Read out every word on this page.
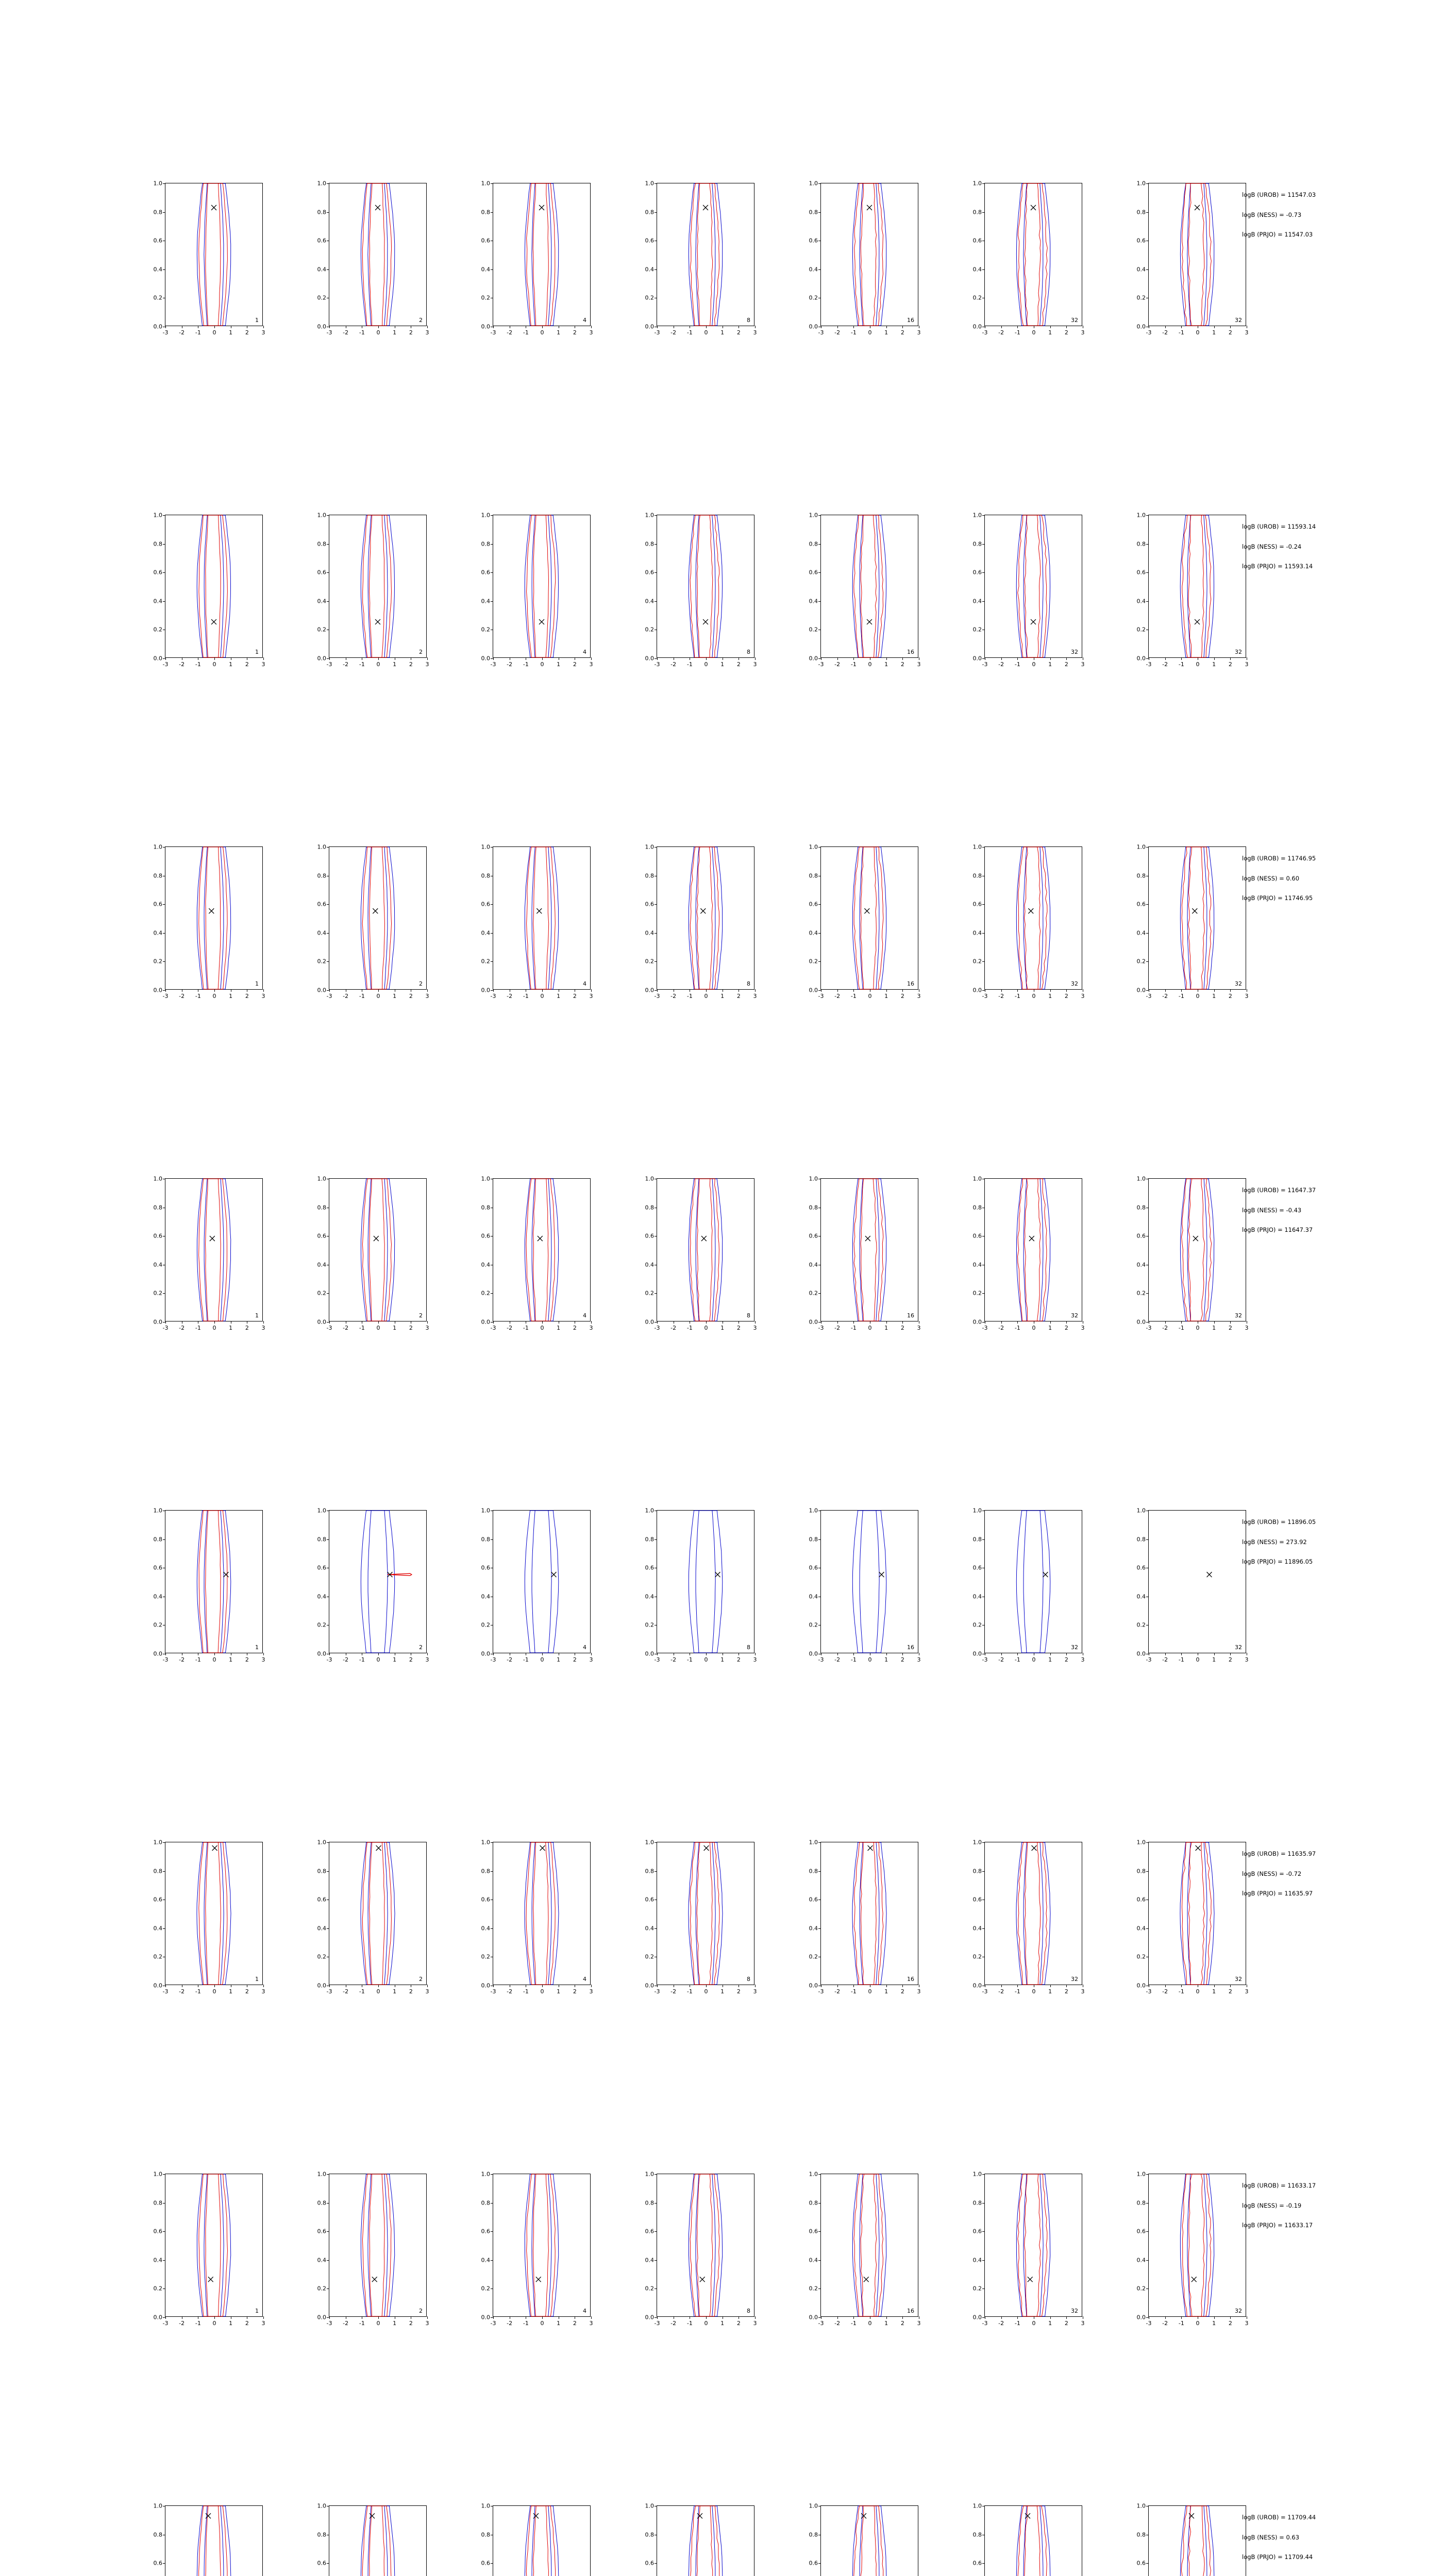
0.0
0.2
0.4
0.6
0.8
1.0
-3 -2 -1 0 1 2 3
1
0.0
0.2
0.4
0.6
0.8
1.0
-3 -2 -1 0 1 2 3
2
0.0
0.2
0.4
0.6
0.8
1.0
-3 -2 -1 0 1 2 3
4
0.0
0.2
0.4
0.6
0.8
1.0
-3 -2 -1 0 1 2 3
8
0.0
0.2
0.4
0.6
0.8
1.0
-3 -2 -1 0 1 2 3
16
0.0
0.2
0.4
0.6
0.8
1.0
-3 -2 -1 0 1 2 3
32
0.0
0.2
0.4
0.6
0.8
1.0
-3 -2 -1 0 1 2 3
32
logB (UROB) = 11547.03
logB (NESS) = -0.73
logB (PRJO) = 11547.03
0.0
0.2
0.4
0.6
0.8
1.0
-3 -2 -1 0 1 2 3
1
0.0
0.2
0.4
0.6
0.8
1.0
-3 -2 -1 0 1 2 3
2
0.0
0.2
0.4
0.6
0.8
1.0
-3 -2 -1 0 1 2 3
4
0.0
0.2
0.4
0.6
0.8
1.0
-3 -2 -1 0 1 2 3
8
0.0
0.2
0.4
0.6
0.8
1.0
-3 -2 -1 0 1 2 3
16
0.0
0.2
0.4
0.6
0.8
1.0
-3 -2 -1 0 1 2 3
32
0.0
0.2
0.4
0.6
0.8
1.0
-3 -2 -1 0 1 2 3
32
logB (UROB) = 11593.14
logB (NESS) = -0.24
logB (PRJO) = 11593.14
0.0
0.2
0.4
0.6
0.8
1.0
-3 -2 -1 0 1 2 3
1
0.0
0.2
0.4
0.6
0.8
1.0
-3 -2 -1 0 1 2 3
2
0.0
0.2
0.4
0.6
0.8
1.0
-3 -2 -1 0 1 2 3
4
0.0
0.2
0.4
0.6
0.8
1.0
-3 -2 -1 0 1 2 3
8
0.0
0.2
0.4
0.6
0.8
1.0
-3 -2 -1 0 1 2 3
16
0.0
0.2
0.4
0.6
0.8
1.0
-3 -2 -1 0 1 2 3
32
0.0
0.2
0.4
0.6
0.8
1.0
-3 -2 -1 0 1 2 3
32
logB (UROB) = 11746.95
logB (NESS) = 0.60
logB (PRJO) = 11746.95
0.0
0.2
0.4
0.6
0.8
1.0
-3 -2 -1 0 1 2 3
1
0.0
0.2
0.4
0.6
0.8
1.0
-3 -2 -1 0 1 2 3
2
0.0
0.2
0.4
0.6
0.8
1.0
-3 -2 -1 0 1 2 3
4
0.0
0.2
0.4
0.6
0.8
1.0
-3 -2 -1 0 1 2 3
8
0.0
0.2
0.4
0.6
0.8
1.0
-3 -2 -1 0 1 2 3
16
0.0
0.2
0.4
0.6
0.8
1.0
-3 -2 -1 0 1 2 3
32
0.0
0.2
0.4
0.6
0.8
1.0
-3 -2 -1 0 1 2 3
32
logB (UROB) = 11647.37
logB (NESS) = -0.43
logB (PRJO) = 11647.37
0.0
0.2
0.4
0.6
0.8
1.0
-3 -2 -1 0 1 2 3
1
0.0
0.2
0.4
0.6
0.8
1.0
-3 -2 -1 0 1 2 3
2
0.0
0.2
0.4
0.6
0.8
1.0
-3 -2 -1 0 1 2 3
4
0.0
0.2
0.4
0.6
0.8
1.0
-3 -2 -1 0 1 2 3
8
0.0
0.2
0.4
0.6
0.8
1.0
-3 -2 -1 0 1 2 3
16
0.0
0.2
0.4
0.6
0.8
1.0
-3 -2 -1 0 1 2 3
32
0.0
0.2
0.4
0.6
0.8
1.0
-3 -2 -1 0 1 2 3
32
logB (UROB) = 11896.05
logB (NESS) = 273.92
logB (PRJO) = 11896.05
0.0
0.2
0.4
0.6
0.8
1.0
-3 -2 -1 0 1 2 3
1
0.0
0.2
0.4
0.6
0.8
1.0
-3 -2 -1 0 1 2 3
2
0.0
0.2
0.4
0.6
0.8
1.0
-3 -2 -1 0 1 2 3
4
0.0
0.2
0.4
0.6
0.8
1.0
-3 -2 -1 0 1 2 3
8
0.0
0.2
0.4
0.6
0.8
1.0
-3 -2 -1 0 1 2 3
16
0.0
0.2
0.4
0.6
0.8
1.0
-3 -2 -1 0 1 2 3
32
0.0
0.2
0.4
0.6
0.8
1.0
-3 -2 -1 0 1 2 3
32
logB (UROB) = 11635.97
logB (NESS) = -0.72
logB (PRJO) = 11635.97
0.0
0.2
0.4
0.6
0.8
1.0
-3 -2 -1 0 1 2 3
1
0.0
0.2
0.4
0.6
0.8
1.0
-3 -2 -1 0 1 2 3
2
0.0
0.2
0.4
0.6
0.8
1.0
-3 -2 -1 0 1 2 3
4
0.0
0.2
0.4
0.6
0.8
1.0
-3 -2 -1 0 1 2 3
8
0.0
0.2
0.4
0.6
0.8
1.0
-3 -2 -1 0 1 2 3
16
0.0
0.2
0.4
0.6
0.8
1.0
-3 -2 -1 0 1 2 3
32
0.0
0.2
0.4
0.6
0.8
1.0
-3 -2 -1 0 1 2 3
32
logB (UROB) = 11633.17
logB (NESS) = -0.19
logB (PRJO) = 11633.17
0.6
0.8
1.0
0.6
0.8
1.0
0.6
0.8
1.0
0.6
0.8
1.0
0.6
0.8
1.0
0.6
0.8
1.0
0.6
0.8
1.0
logB (UROB) = 11709.44
logB (NESS) = 0.63
logB (PRJO) = 11709.44
